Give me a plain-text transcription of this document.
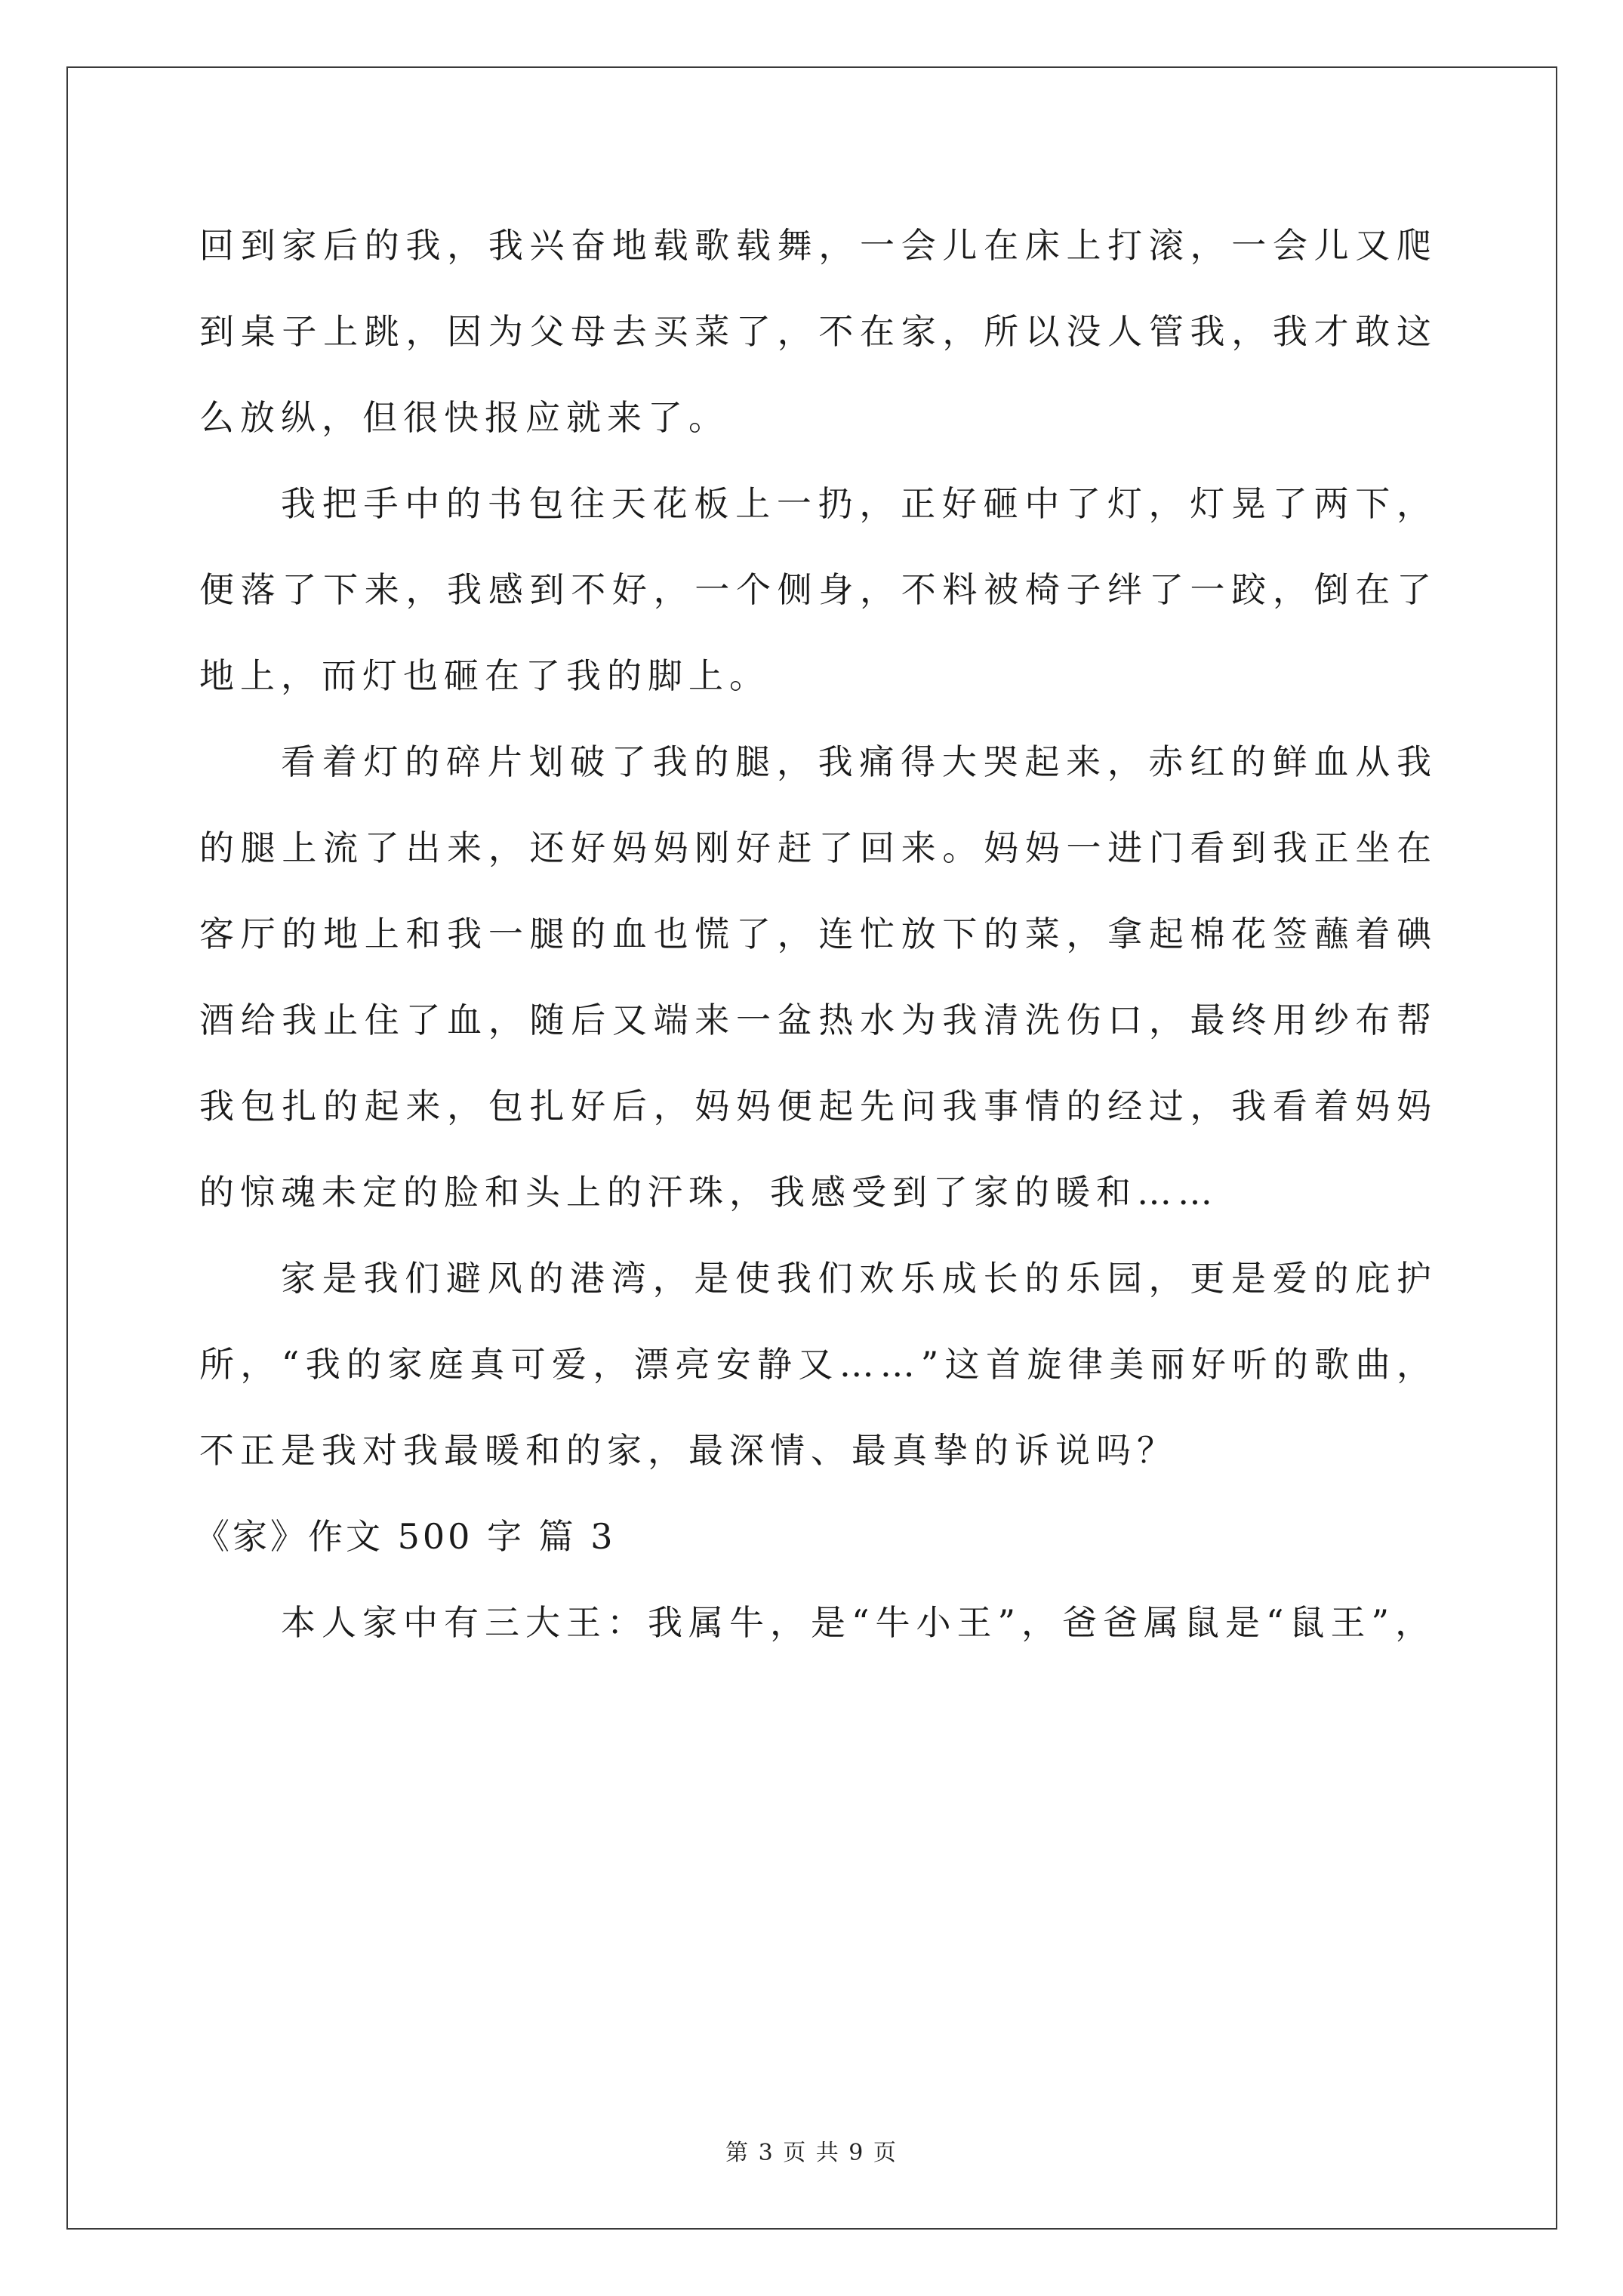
回到家后的我，我兴奋地载歌载舞，一会儿在床上打滚，一会儿又爬到桌子上跳，因为父母去买菜了，不在家，所以没人管我，我才敢这么放纵，但很快报应就来了。

我把手中的书包往天花板上一扔，正好砸中了灯，灯晃了两下，便落了下来，我感到不好，一个侧身，不料被椅子绊了一跤，倒在了地上，而灯也砸在了我的脚上。

看着灯的碎片划破了我的腿，我痛得大哭起来，赤红的鲜血从我的腿上流了出来，还好妈妈刚好赶了回来。妈妈一进门看到我正坐在客厅的地上和我一腿的血也慌了，连忙放下的菜，拿起棉花签蘸着碘酒给我止住了血，随后又端来一盆热水为我清洗伤口，最终用纱布帮我包扎的起来，包扎好后，妈妈便起先问我事情的经过，我看着妈妈的惊魂未定的脸和头上的汗珠，我感受到了家的暖和……

家是我们避风的港湾，是使我们欢乐成长的乐园，更是爱的庇护所，“我的家庭真可爱，漂亮安静又……”这首旋律美丽好听的歌曲，不正是我对我最暖和的家，最深情、最真挚的诉说吗？

《家》作文 500 字 篇 3

本人家中有三大王：我属牛，是“牛小王”，爸爸属鼠是“鼠王”，

第 3 页 共 9 页
